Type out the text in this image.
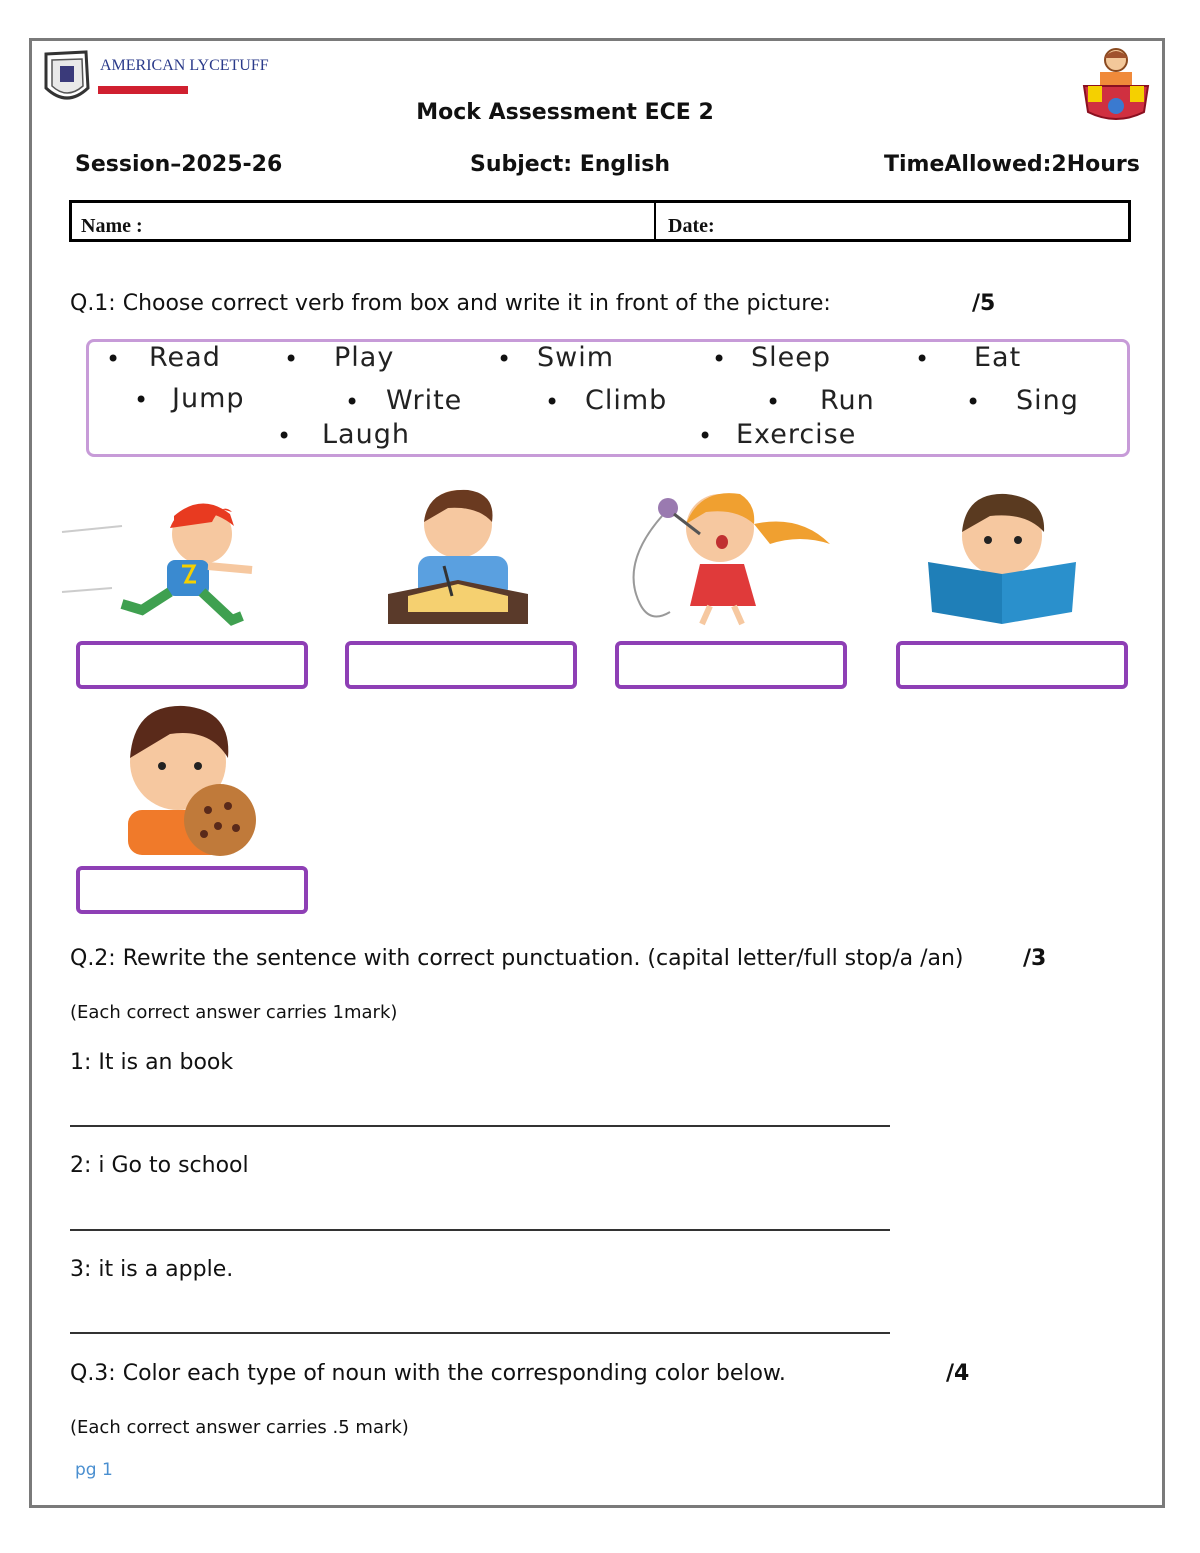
AMERICAN LYCETUFF
Mock Assessment ECE 2
Session–2025-26	Subject: English	TimeAllowed:2Hours
Name :	Date:
Q.1: Choose correct verb from box and write it in front of the picture:	/5
• Read	• Play	• Swim	• Sleep	• Eat
• Jump	• Write	• Climb	• Run	• Sing
• Laugh	• Exercise
Q.2: Rewrite the sentence with correct punctuation. (capital letter/full stop/a /an)	/3
(Each correct answer carries 1mark)
1: It is an book
2: i Go to school
3: it is a apple.
Q.3: Color each type of noun with the corresponding color below.	/4
(Each correct answer carries .5 mark)
pg 1
